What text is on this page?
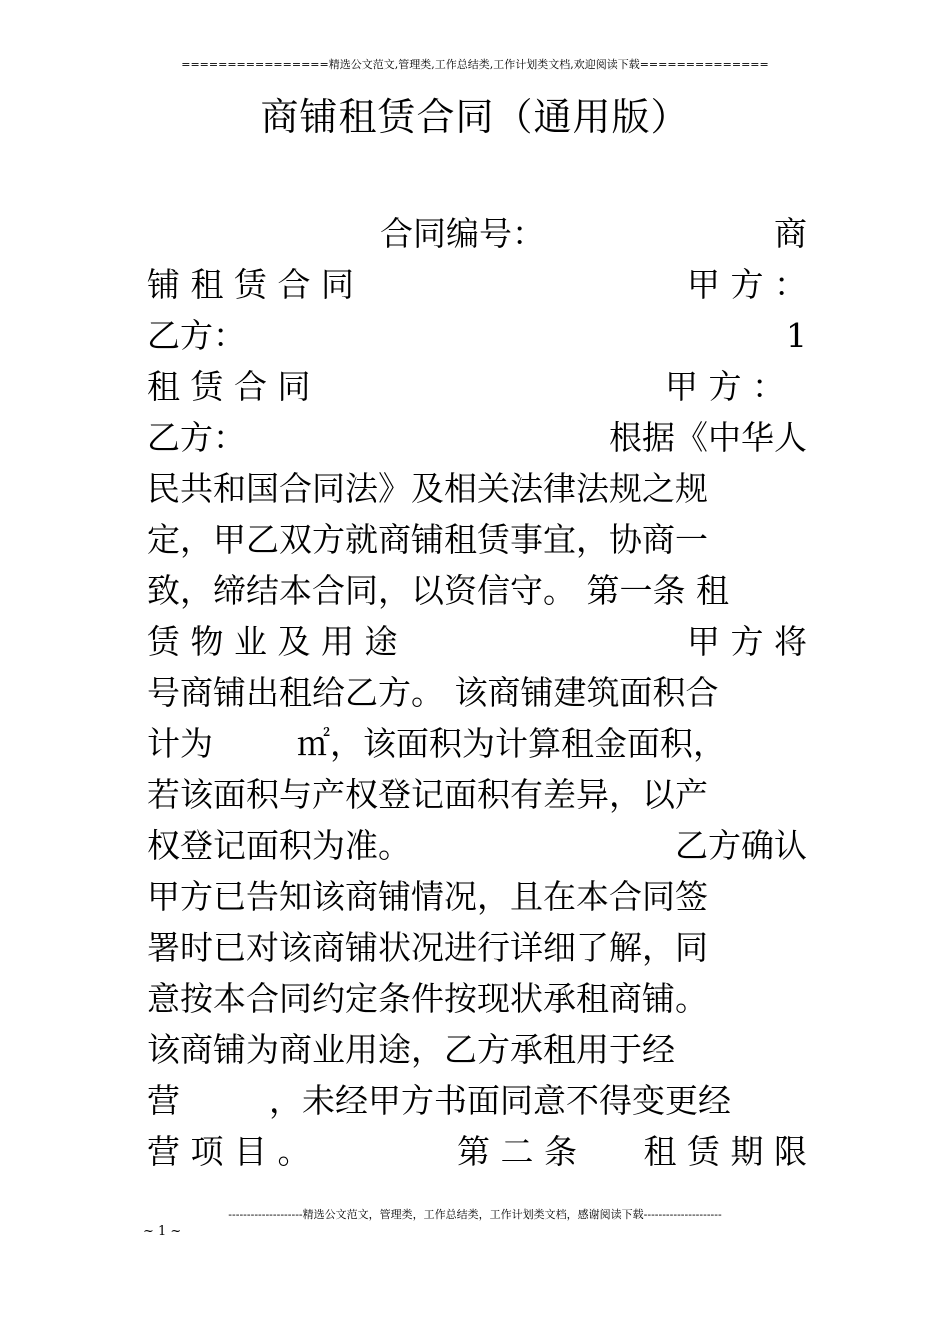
================精选公文范文,管理类,工作总结类,工作计划类文档,欢迎阅读下载==============
商铺租赁合同（通用版）
合同编号：	商
铺 租 赁 合 同	甲 方 ：
乙方：	1
租 赁 合 同	甲 方 ：
乙方：	根据《中华人
民共和国合同法》及相关法律法规之规
定，甲乙双方就商铺租赁事宜，协商一
致，缔结本合同，以资信守。 第一条 租
赁 物 业 及 用 途	甲 方 将
号商铺出租给乙方。 该商铺建筑面积合
计为	㎡，该面积为计算租金面积，
若该面积与产权登记面积有差异，以产
权登记面积为准。	乙方确认
甲方已告知该商铺情况，且在本合同签
署时已对该商铺状况进行详细了解，同
意按本合同约定条件按现状承租商铺。
该商铺为商业用途，乙方承租用于经
营	，未经甲方书面同意不得变更经
营 项 目 。	第 二 条 租 赁 期 限
--------------------精选公文范文，管理类，工作总结类，工作计划类文档，感谢阅读下载---------------------
~ 1 ~
